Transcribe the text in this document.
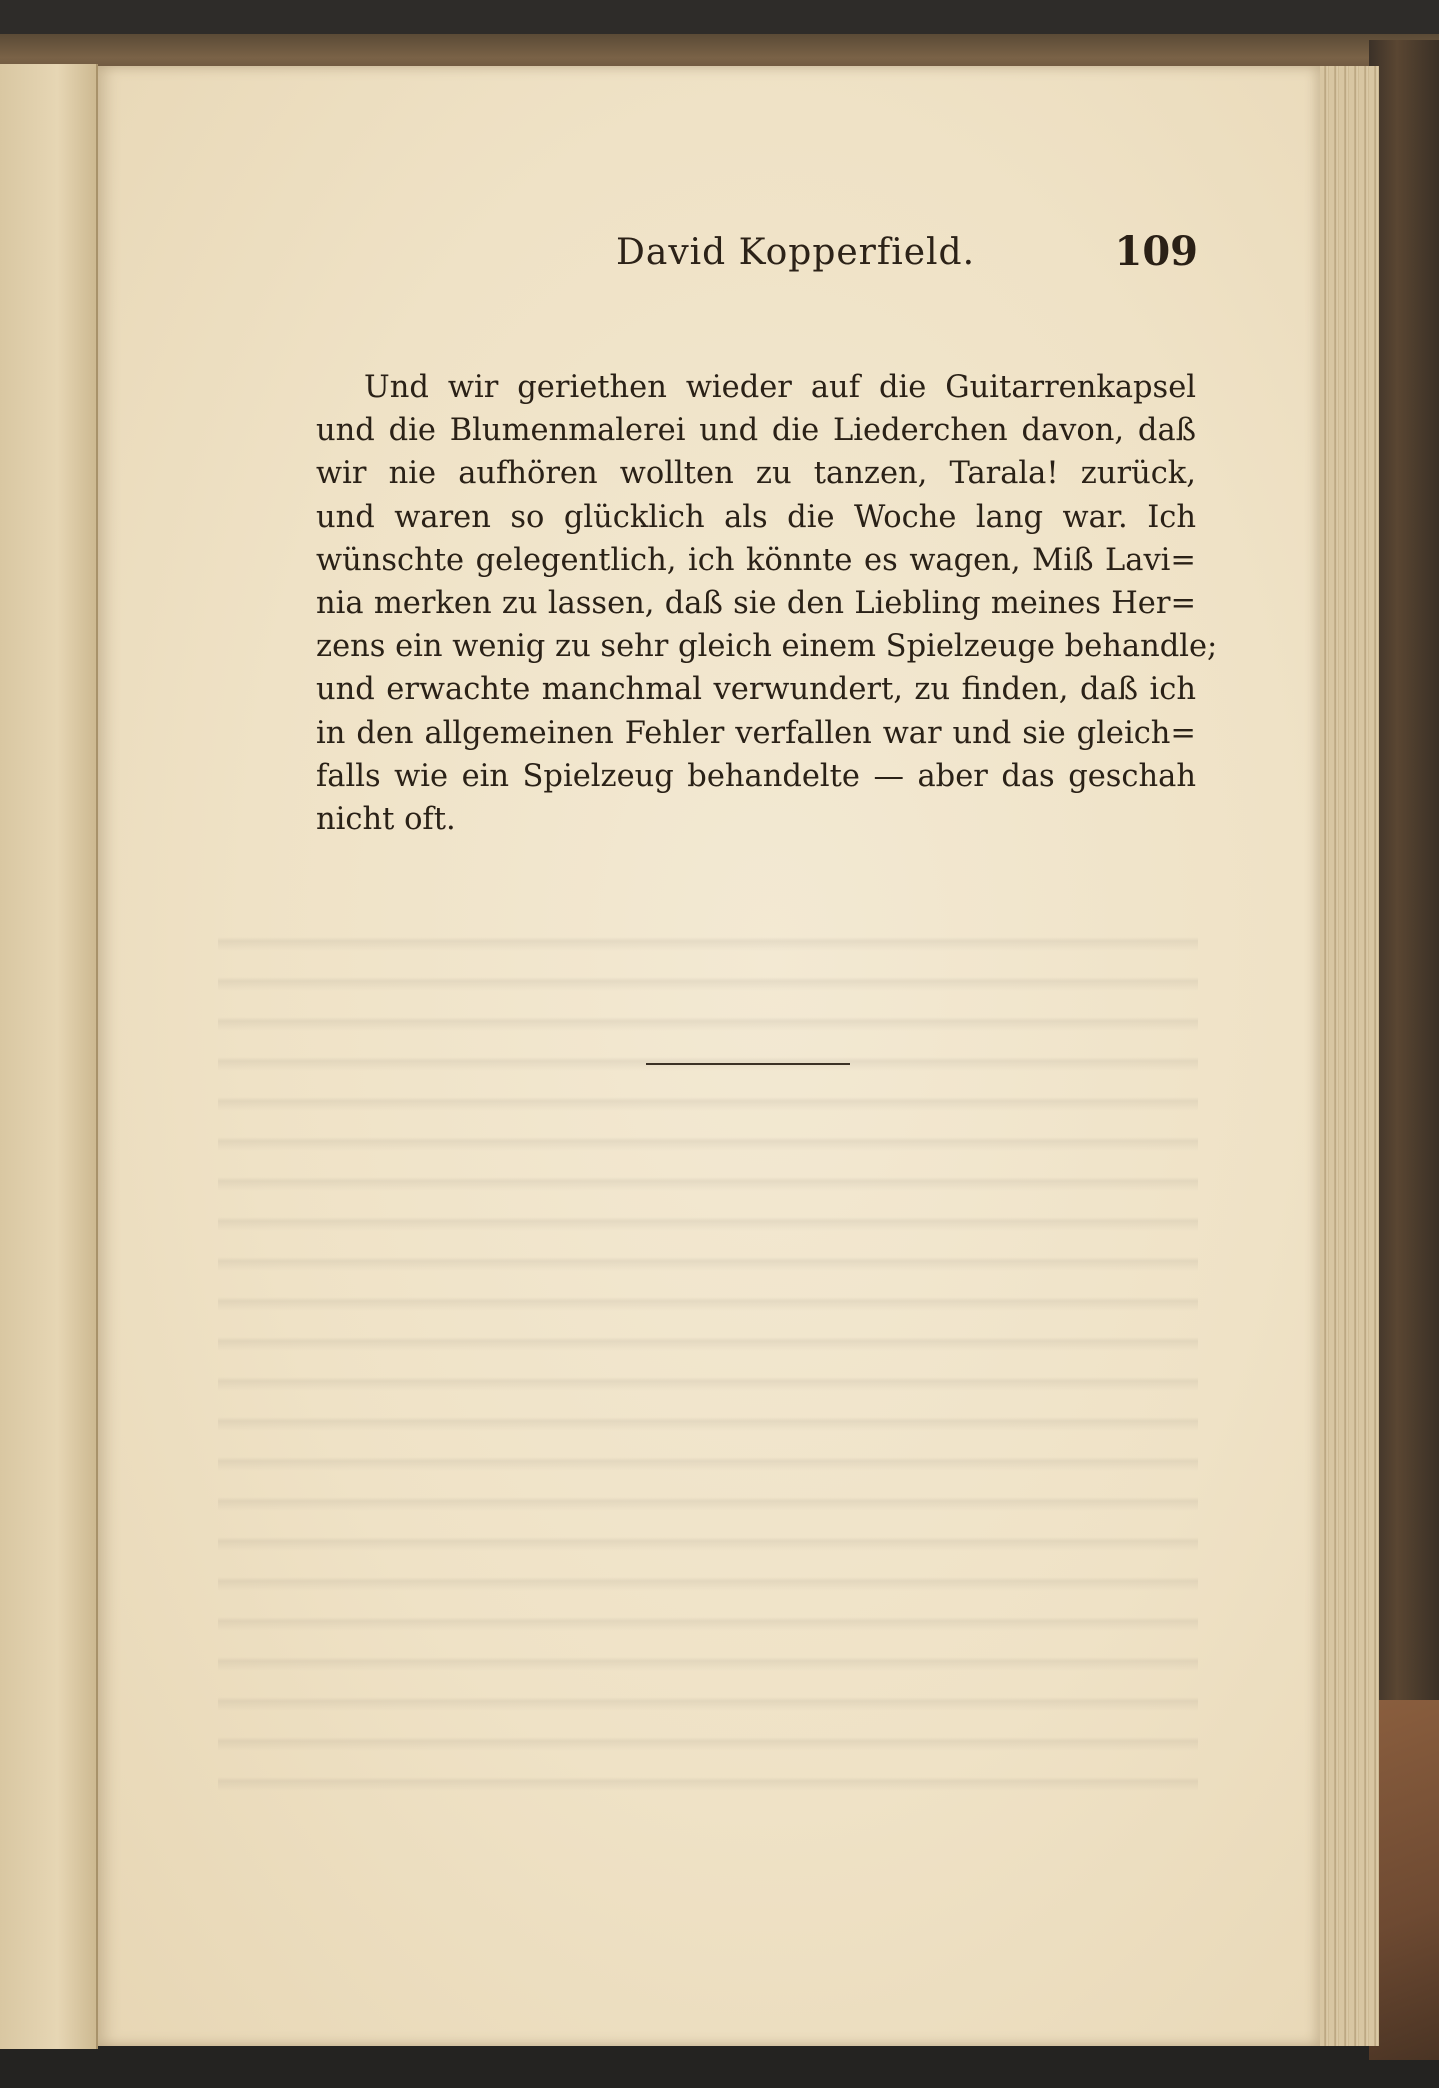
David Kopperfield.	109
Und wir geriethen wieder auf die Guitarrenkapsel
und die Blumenmalerei und die Liederchen davon, daß
wir nie aufhören wollten zu tanzen, Tarala! zurück,
und waren so glücklich als die Woche lang war. Ich
wünschte gelegentlich, ich könnte es wagen, Miß Lavi=
nia merken zu lassen, daß sie den Liebling meines Her=
zens ein wenig zu sehr gleich einem Spielzeuge behandle;
und erwachte manchmal verwundert, zu finden, daß ich
in den allgemeinen Fehler verfallen war und sie gleich=
falls wie ein Spielzeug behandelte — aber das geschah
nicht oft.
